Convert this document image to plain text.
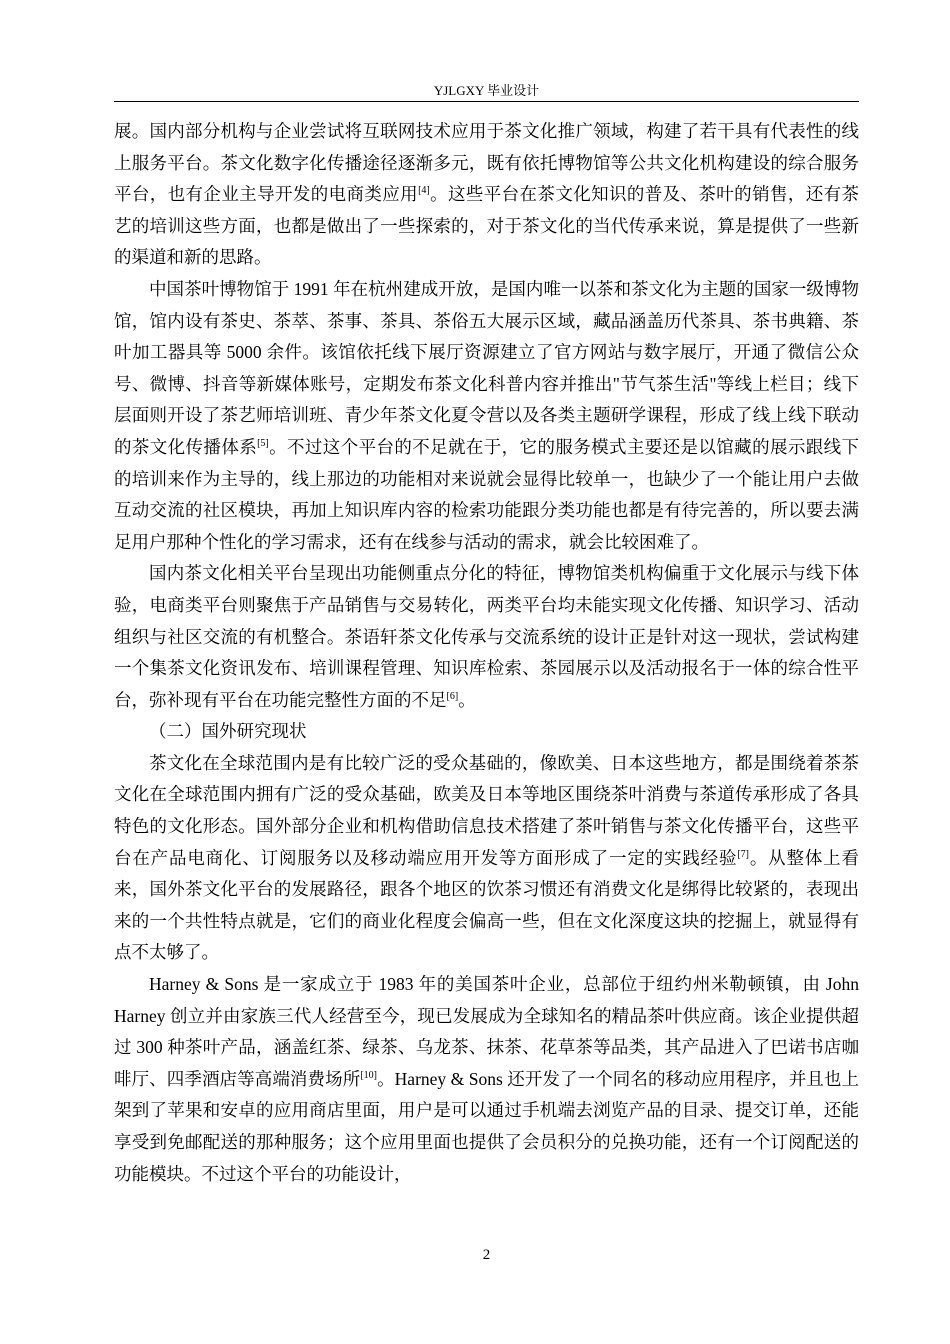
YJLGXY 毕业设计

展。国内部分机构与企业尝试将互联网技术应用于茶文化推广领域，构建了若干具有代表性的线上服务平台。茶文化数字化传播途径逐渐多元，既有依托博物馆等公共文化机构建设的综合服务平台，也有企业主导开发的电商类应用[4]。这些平台在茶文化知识的普及、茶叶的销售，还有茶艺的培训这些方面，也都是做出了一些探索的，对于茶文化的当代传承来说，算是提供了一些新的渠道和新的思路。

中国茶叶博物馆于 1991 年在杭州建成开放，是国内唯一以茶和茶文化为主题的国家一级博物馆，馆内设有茶史、茶萃、茶事、茶具、茶俗五大展示区域，藏品涵盖历代茶具、茶书典籍、茶叶加工器具等 5000 余件。该馆依托线下展厅资源建立了官方网站与数字展厅，开通了微信公众号、微博、抖音等新媒体账号，定期发布茶文化科普内容并推出"节气茶生活"等线上栏目；线下层面则开设了茶艺师培训班、青少年茶文化夏令营以及各类主题研学课程，形成了线上线下联动的茶文化传播体系[5]。不过这个平台的不足就在于，它的服务模式主要还是以馆藏的展示跟线下的培训来作为主导的，线上那边的功能相对来说就会显得比较单一，也缺少了一个能让用户去做互动交流的社区模块，再加上知识库内容的检索功能跟分类功能也都是有待完善的，所以要去满足用户那种个性化的学习需求，还有在线参与活动的需求，就会比较困难了。

国内茶文化相关平台呈现出功能侧重点分化的特征，博物馆类机构偏重于文化展示与线下体验，电商类平台则聚焦于产品销售与交易转化，两类平台均未能实现文化传播、知识学习、活动组织与社区交流的有机整合。茶语轩茶文化传承与交流系统的设计正是针对这一现状，尝试构建一个集茶文化资讯发布、培训课程管理、知识库检索、茶园展示以及活动报名于一体的综合性平台，弥补现有平台在功能完整性方面的不足[6]。

（二）国外研究现状

茶文化在全球范围内是有比较广泛的受众基础的，像欧美、日本这些地方，都是围绕着茶茶文化在全球范围内拥有广泛的受众基础，欧美及日本等地区围绕茶叶消费与茶道传承形成了各具特色的文化形态。国外部分企业和机构借助信息技术搭建了茶叶销售与茶文化传播平台，这些平台在产品电商化、订阅服务以及移动端应用开发等方面形成了一定的实践经验[7]。从整体上看来，国外茶文化平台的发展路径，跟各个地区的饮茶习惯还有消费文化是绑得比较紧的，表现出来的一个共性特点就是，它们的商业化程度会偏高一些，但在文化深度这块的挖掘上，就显得有点不太够了。

Harney & Sons 是一家成立于 1983 年的美国茶叶企业，总部位于纽约州米勒顿镇，由 John Harney 创立并由家族三代人经营至今，现已发展成为全球知名的精品茶叶供应商。该企业提供超过 300 种茶叶产品，涵盖红茶、绿茶、乌龙茶、抹茶、花草茶等品类，其产品进入了巴诺书店咖啡厅、四季酒店等高端消费场所[10]。Harney & Sons 还开发了一个同名的移动应用程序，并且也上架到了苹果和安卓的应用商店里面，用户是可以通过手机端去浏览产品的目录、提交订单，还能享受到免邮配送的那种服务；这个应用里面也提供了会员积分的兑换功能，还有一个订阅配送的功能模块。不过这个平台的功能设计，

2
